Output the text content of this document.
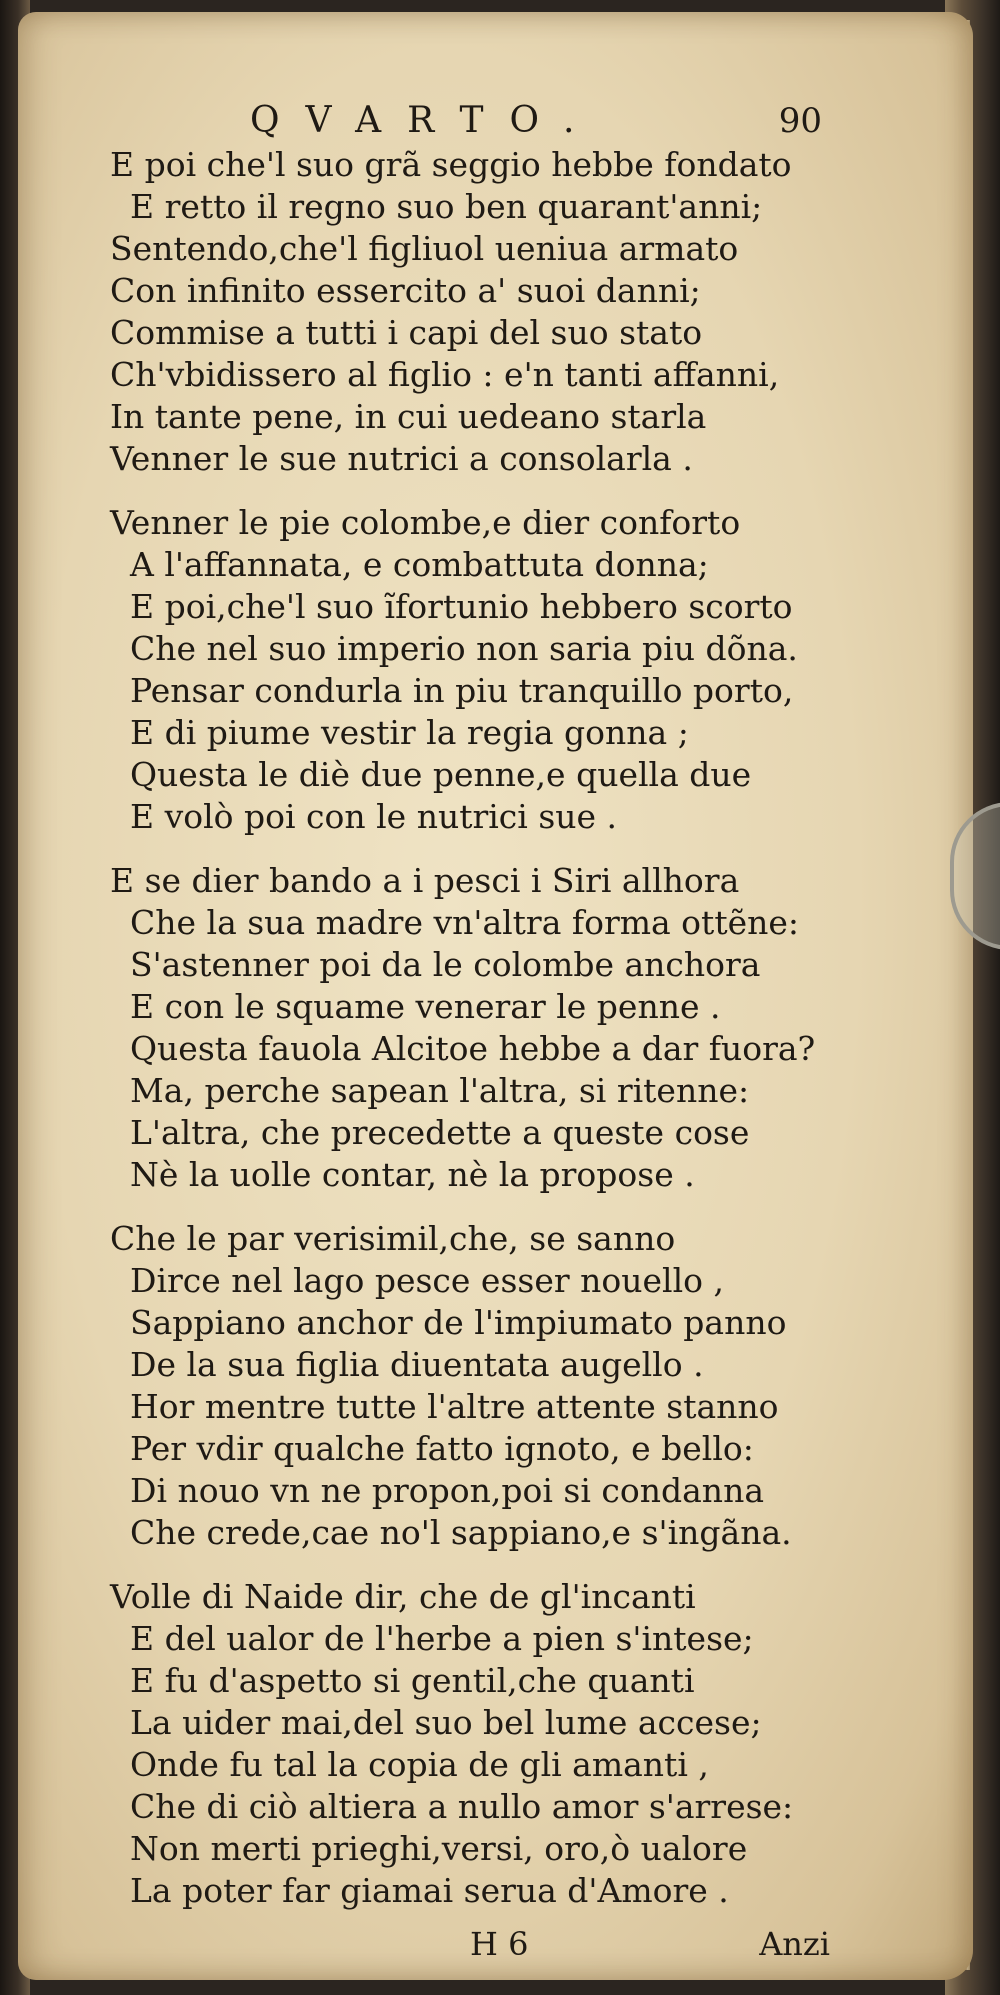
QVARTO.	90
E poi che'l suo grã seggio hebbe fondato
E retto il regno suo ben quarant'anni;
Sentendo,che'l figliuol ueniua armato
Con infinito essercito a' suoi danni;
Commise a tutti i capi del suo stato
Ch'vbidissero al figlio : e'n tanti affanni,
In tante pene, in cui uedeano starla
Venner le sue nutrici a consolarla .
Venner le pie colombe,e dier conforto
A l'affannata, e combattuta donna;
E poi,che'l suo ĩfortunio hebbero scorto
Che nel suo imperio non saria piu dõna.
Pensar condurla in piu tranquillo porto,
E di piume vestir la regia gonna ;
Questa le diè due penne,e quella due
E volò poi con le nutrici sue .
E se dier bando a i pesci i Siri allhora
Che la sua madre vn'altra forma ottẽne:
S'astenner poi da le colombe anchora
E con le squame venerar le penne .
Questa fauola Alcitoe hebbe a dar fuora?
Ma, perche sapean l'altra, si ritenne:
L'altra, che precedette a queste cose
Nè la uolle contar, nè la propose .
Che le par verisimil,che, se sanno
Dirce nel lago pesce esser nouello ,
Sappiano anchor de l'impiumato panno
De la sua figlia diuentata augello .
Hor mentre tutte l'altre attente stanno
Per vdir qualche fatto ignoto, e bello:
Di nouo vn ne propon,poi si condanna
Che crede,cae no'l sappiano,e s'ingãna.
Volle di Naide dir, che de gl'incanti
E del ualor de l'herbe a pien s'intese;
E fu d'aspetto si gentil,che quanti
La uider mai,del suo bel lume accese;
Onde fu tal la copia de gli amanti ,
Che di ciò altiera a nullo amor s'arrese:
Non merti prieghi,versi, oro,ò ualore
La poter far giamai serua d'Amore .
H 6	Anzi
